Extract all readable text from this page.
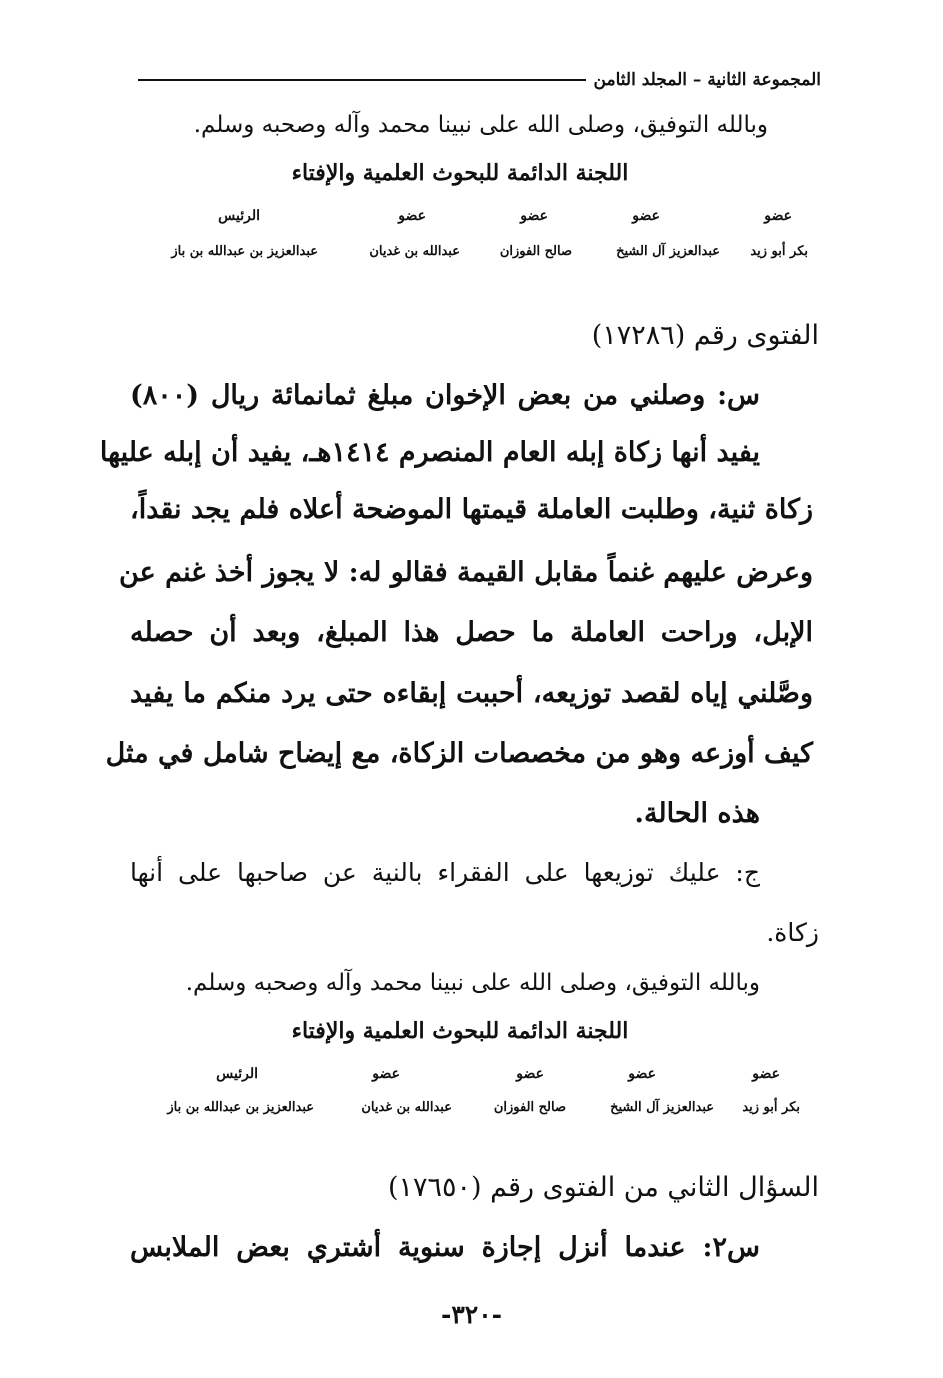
المجموعة الثانية – المجلد الثامن
وبالله التوفيق، وصلى الله على نبينا محمد وآله وصحبه وسلم.
اللجنة الدائمة للبحوث العلمية والإفتاء
عضو
عضو
عضو
عضو
الرئيس
بكر أبو زيد
عبدالعزيز آل الشيخ
صالح الفوزان
عبدالله بن غديان
عبدالعزيز بن عبدالله بن باز
الفتوى رقم (١٧٢٨٦)
س: وصلني من بعض الإخوان مبلغ ثمانمائة ريال (٨٠٠)
يفيد أنها زكاة إبله العام المنصرم ١٤١٤هـ، يفيد أن إبله عليها
زكاة ثنية، وطلبت العاملة قيمتها الموضحة أعلاه فلم يجد نقداً،
وعرض عليهم غنماً مقابل القيمة فقالو له: لا يجوز أخذ غنم عن
الإبل، وراحت العاملة ما حصل هذا المبلغ، وبعد أن حصله
وصَّلني إياه لقصد توزيعه، أحببت إبقاءه حتى يرد منكم ما يفيد
كيف أوزعه وهو من مخصصات الزكاة، مع إيضاح شامل في مثل
هذه الحالة.
ج: عليك توزيعها على الفقراء بالنية عن صاحبها على أنها
زكاة.
وبالله التوفيق، وصلى الله على نبينا محمد وآله وصحبه وسلم.
اللجنة الدائمة للبحوث العلمية والإفتاء
عضو
عضو
عضو
عضو
الرئيس
بكر أبو زيد
عبدالعزيز آل الشيخ
صالح الفوزان
عبدالله بن غديان
عبدالعزيز بن عبدالله بن باز
السؤال الثاني من الفتوى رقم (١٧٦٥٠)
س٢: عندما أنزل إجازة سنوية أشتري بعض الملابس
-٣٢٠-
